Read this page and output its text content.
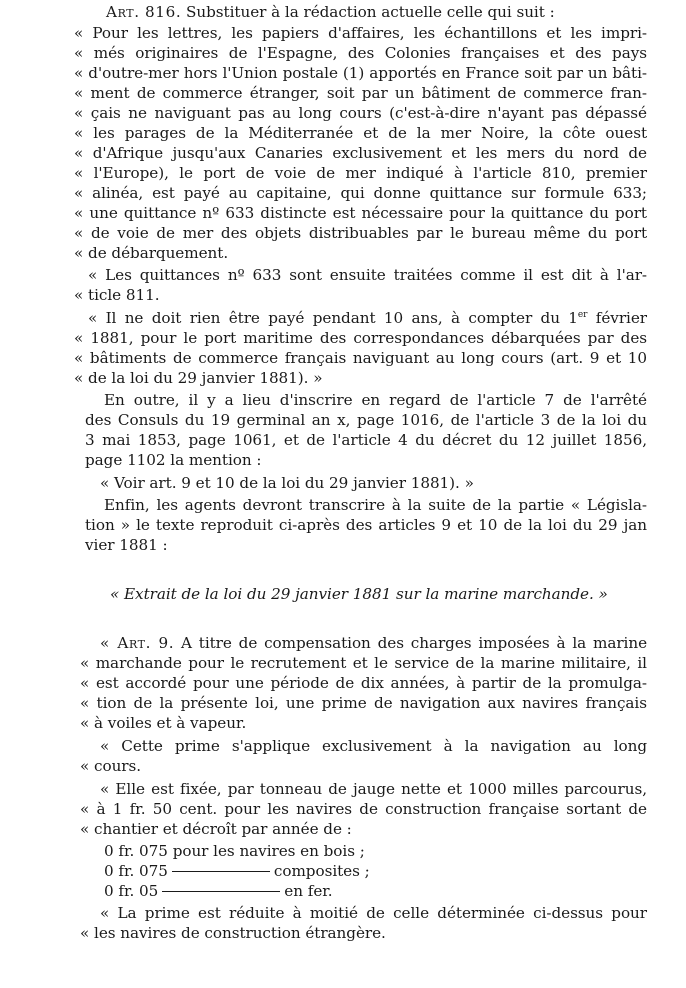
Art. 816. Substituer à la rédaction actuelle celle qui suit :
« Pour les lettres, les papiers d'affaires, les échantillons et les impri-
« més originaires de l'Espagne, des Colonies françaises et des pays
« d'outre-mer hors l'Union postale (1) apportés en France soit par un bâti-
« ment de commerce étranger, soit par un bâtiment de commerce fran-
« çais ne naviguant pas au long cours (c'est-à-dire n'ayant pas dépassé
« les parages de la Méditerranée et de la mer Noire, la côte ouest
« d'Afrique jusqu'aux Canaries exclusivement et les mers du nord de
« l'Europe), le port de voie de mer indiqué à l'article 810, premier
« alinéa, est payé au capitaine, qui donne quittance sur formule 633;
« une quittance nº 633 distincte est nécessaire pour la quittance du port
« de voie de mer des objets distribuables par le bureau même du port
« de débarquement.
« Les quittances nº 633 sont ensuite traitées comme il est dit à l'ar-
« ticle 811.
« Il ne doit rien être payé pendant 10 ans, à compter du 1er février
« 1881, pour le port maritime des correspondances débarquées par des
« bâtiments de commerce français naviguant au long cours (art. 9 et 10
« de la loi du 29 janvier 1881). »
En outre, il y a lieu d'inscrire en regard de l'article 7 de l'arrêté
des Consuls du 19 germinal an x, page 1016, de l'article 3 de la loi du
3 mai 1853, page 1061, et de l'article 4 du décret du 12 juillet 1856,
page 1102 la mention :
« Voir art. 9 et 10 de la loi du 29 janvier 1881). »
Enfin, les agents devront transcrire à la suite de la partie « Législa-
tion » le texte reproduit ci-après des articles 9 et 10 de la loi du 29 jan
vier 1881 :
« Extrait de la loi du 29 janvier 1881 sur la marine marchande. »
« Art. 9. A titre de compensation des charges imposées à la marine
« marchande pour le recrutement et le service de la marine militaire, il
« est accordé pour une période de dix années, à partir de la promulga-
« tion de la présente loi, une prime de navigation aux navires français
« à voiles et à vapeur.
« Cette prime s'applique exclusivement à la navigation au long
« cours.
« Elle est fixée, par tonneau de jauge nette et 1000 milles parcourus,
« à 1 fr. 50 cent. pour les navires de construction française sortant de
« chantier et décroît par année de :
0 fr. 075 pour les navires en bois ;
0 fr. 075	composites ;
0 fr. 05	en fer.
« La prime est réduite à moitié de celle déterminée ci-dessus pour
« les navires de construction étrangère.
